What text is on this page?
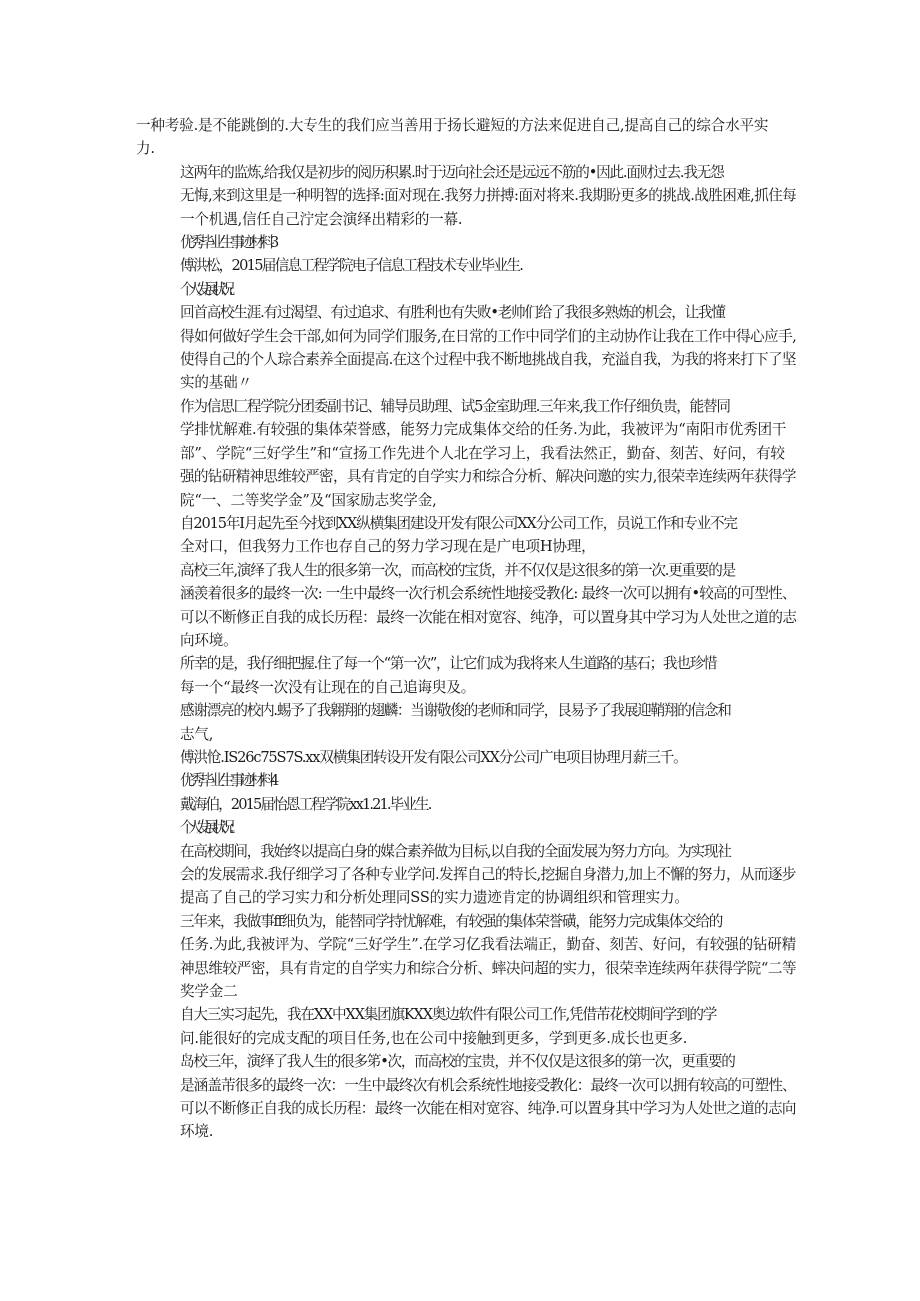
一种考验.是不能跳倒的.大专生的我们应当善用于扬长避短的方法来促进自己,提高自己的综合水平实
力.
这两年的监炼,给我仅是初步的阅历积累.时于迈向社会还是远远不筋的•因此.面财过去.我无怨
无悔,来到这里是一种明智的选择:面对现在.我努力拼搏:面对将来.我期盼更多的挑战.战胜困难,抓住每
一个机遇,信任自己泞定会演绎出精彩的一幕.
优秀毕业生事迹材料3
傅洪松，2015届信息工程学院电子信息工程技术专业毕业生.
个人发展状况:
回首高校生涯.有过渴望、有过追求、有胜利也有失败•老帅们给了我很多熟炼的机会，让我懂
得如何做好学生会干部,如何为同学们服务,在日常的工作中同学们的主动协作让我在工作中得心应手,
使得自己的个人琮合素养全面提高.在这个过程中我不断地挑战自我，充溢自我，为我的将来打下了坚
实的基础〃
作为信思匚程学院分团委副书记、辅导员助理、试5金室助理.三年来,我工作仔细负贵，能替同
学排忧解难.有较强的集体荣誉感，能努力完成集体交给的任务.为此，我被评为“南阳市优秀团干
部”、学院“三好学生”和“宣扬工作先进个人北在学习上，我看法然正，勤奋、刻苦、好问，有较
强的钻研精神思维较严密，具有肯定的自学实力和综合分析、解决问邀的实力,很荣幸连续两年获得学
院“一、二等奖学金”及“国家励志奖学金,
自2015年I月起先至今找到XX纵横集团建设开发有限公司XX分公司工作，员说工作和专业不完
全对口，但我努力工作也存自己的努力学习现在是广电项H协理，
高校三年,演绎了我人生的很多第一次，而高校的宝货，并不仅仅是这很多的第一次.更重要的是
涵羡着很多的最终一次: 一生中最终一次行机会系统性地接受教化: 最终一次可以拥有•较高的可型性、
可以不断修正自我的成长历程：最终一次能在相对宽容、纯净，可以置身其中学习为人处世之道的志
向环境。
所幸的是，我仔细把握.住了每一个“第一次”，让它们成为我将来人生道路的基石；我也珍惜
每一个“最终一次没有让现在的自己追诲臾及。
感谢漂亮的校内.蜴予了我翱翔的翅麟：当谢敬俊的老师和同学，艮易予了我展迎鞘翔的信念和
志气,
傅洪怆.IS26c75S7S.xx双横集团转设开发有限公司XX分公司广电项目协理月薪三千。
优秀毕业生事迹材料4
戴海伯，2015届怡恩工程学院xx1.21.毕业生.
个人发展状况：
在高校期间，我始终以提高白身的媒合素养做为目标,以自我的全面发展为努力方向。为实现社
会的发展需求.我仔细学习了各种专业学问.发挥自己的特长,挖掘自身潜力,加上不懈的努力，从而逐步
提高了自己的学习实力和分析处理同SS的实力遗迹肯定的协调组织和管理实力。
三年来，我做事ff细负为，能替同学持忧解难，有较强的集体荣誉磺，能努力完成集体交给的
任务.为此,我被评为、学院“三好学生”.在学习亿我看法端正，勤奋、刻苦、好问，有较强的钻研精
神思维较严密，具有肯定的自学实力和综合分析、蟀决问超的实力，很荣幸连续两年获得学院“二等
奖学金二
自大三实习起先，我在XX中XX集团旗KXX奥边软件有限公司工作,凭借芾花校期间学到的学
问.能很好的完成支配的项目任务,也在公司中接触到更多，学到更多.成长也更多.
岛校三年，演绎了我人生的很多笫•次，而高校的宝贵，并不仅仅是这很多的第一次，更重要的
是涵盖芾很多的最终一次：一生中最终次有机会系统性地接受教化：最终一次可以拥有较高的可塑性、
可以不断修正自我的成长历程：最终一次能在相对宽容、纯净.可以置身其中学习为人处世之道的志向
环境.
